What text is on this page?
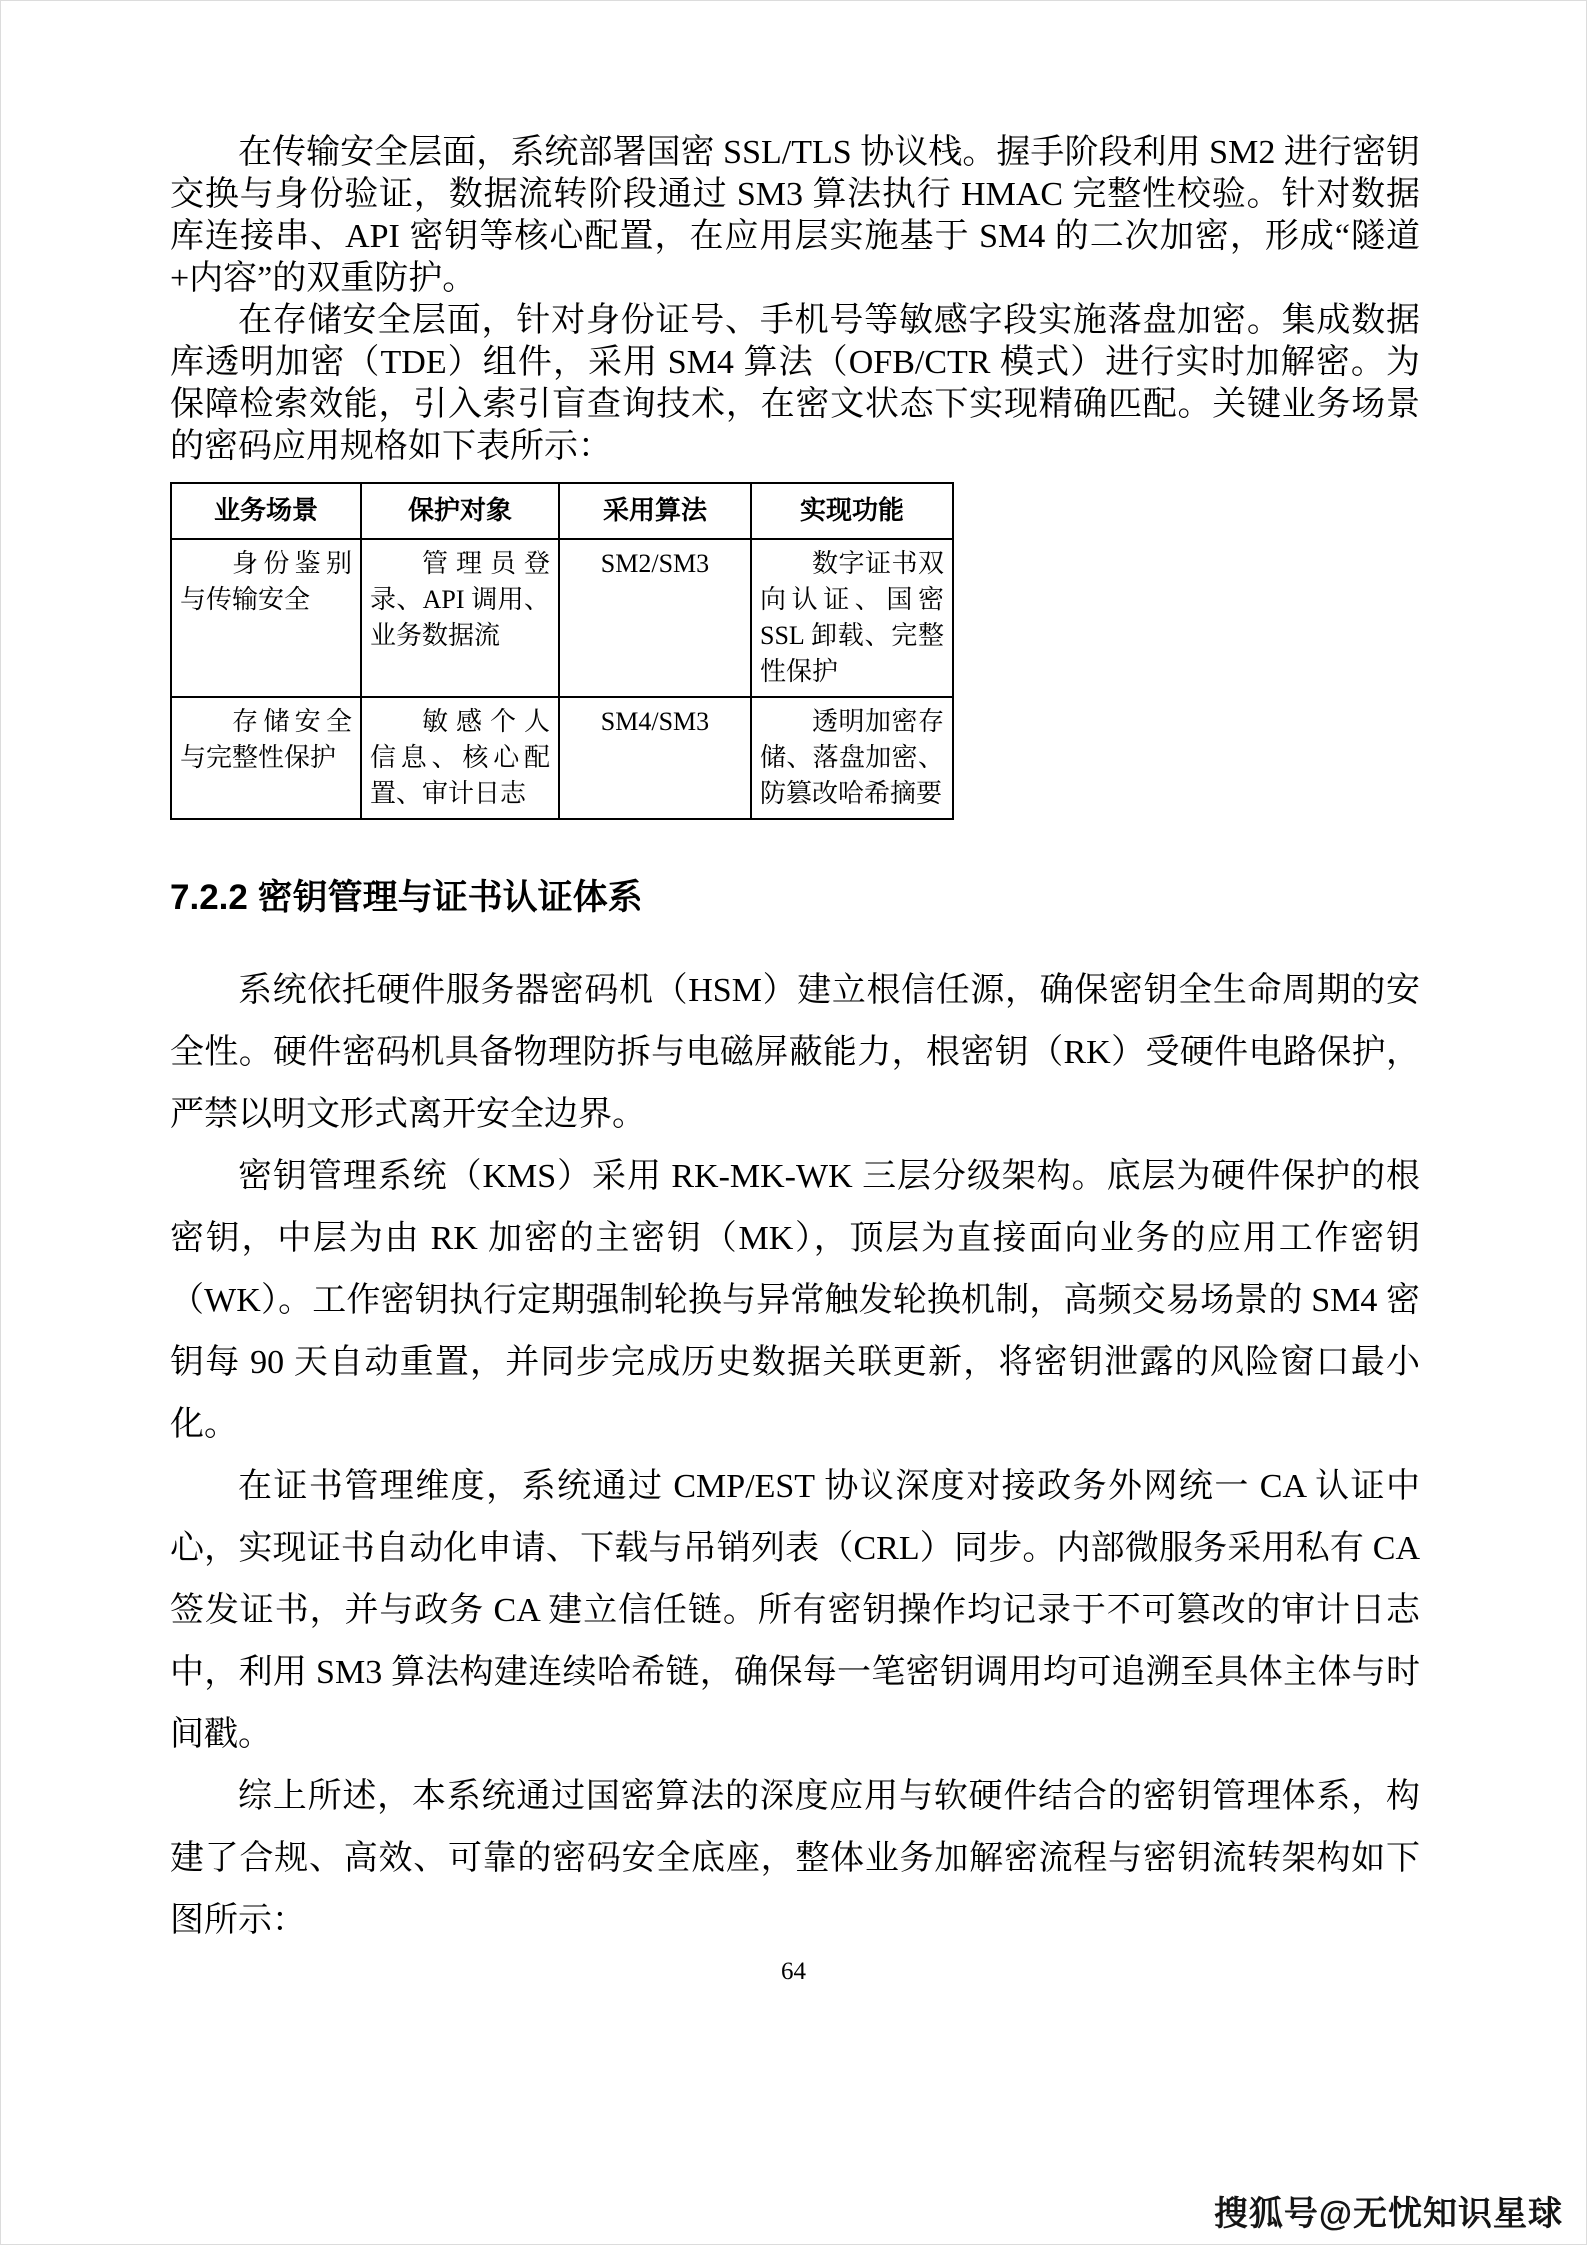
在传输安全层面，系统部署国密 SSL/TLS 协议栈。握手阶段利用 SM2 进行密钥交换与身份验证，数据流转阶段通过 SM3 算法执行 HMAC 完整性校验。针对数据库连接串、API 密钥等核心配置，在应用层实施基于 SM4 的二次加密，形成“隧道+内容”的双重防护。

在存储安全层面，针对身份证号、手机号等敏感字段实施落盘加密。集成数据库透明加密（TDE）组件，采用 SM4 算法（OFB/CTR 模式）进行实时加解密。为保障检索效能，引入索引盲查询技术，在密文状态下实现精确匹配。关键业务场景的密码应用规格如下表所示：

业务场景	保护对象	采用算法	实现功能
身份鉴别与传输安全	管理员登录、API 调用、业务数据流	SM2/SM3	数字证书双向认证、国密 SSL 卸载、完整性保护
存储安全与完整性保护	敏感个人信息、核心配置、审计日志	SM4/SM3	透明加密存储、落盘加密、防篡改哈希摘要
7.2.2 密钥管理与证书认证体系

系统依托硬件服务器密码机（HSM）建立根信任源，确保密钥全生命周期的安全性。硬件密码机具备物理防拆与电磁屏蔽能力，根密钥（RK）受硬件电路保护，严禁以明文形式离开安全边界。

密钥管理系统（KMS）采用 RK-MK-WK 三层分级架构。底层为硬件保护的根密钥，中层为由 RK 加密的主密钥（MK），顶层为直接面向业务的应用工作密钥（WK）。工作密钥执行定期强制轮换与异常触发轮换机制，高频交易场景的 SM4 密钥每 90 天自动重置，并同步完成历史数据关联更新，将密钥泄露的风险窗口最小化。

在证书管理维度，系统通过 CMP/EST 协议深度对接政务外网统一 CA 认证中心，实现证书自动化申请、下载与吊销列表（CRL）同步。内部微服务采用私有 CA 签发证书，并与政务 CA 建立信任链。所有密钥操作均记录于不可篡改的审计日志中，利用 SM3 算法构建连续哈希链，确保每一笔密钥调用均可追溯至具体主体与时间戳。

综上所述，本系统通过国密算法的深度应用与软硬件结合的密钥管理体系，构建了合规、高效、可靠的密码安全底座，整体业务加解密流程与密钥流转架构如下图所示：

64
搜狐号@无忧知识星球
